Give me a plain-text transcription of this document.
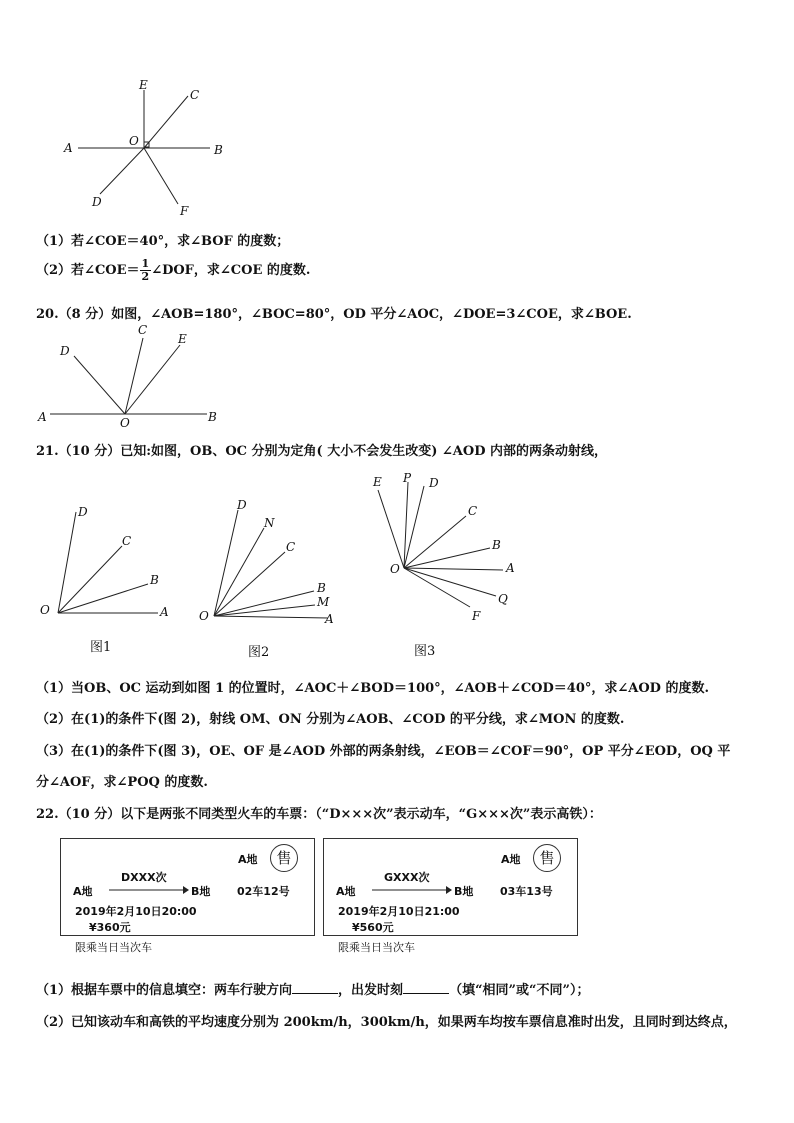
E
C
A	O
B
D
F
（1）若∠COE＝40°，求∠BOF 的度数；
（2）若∠COE＝ $\frac{1}{2}$ ∠DOF，求∠COE 的度数.
20.（8 分）如图，∠AOB=180°，∠BOC=80°，OD 平分∠AOC，∠DOE=3∠COE，求∠BOE.
D
C
E
A	O	B
21.（10 分）已知:如图，OB、OC 分别为定角( 大小不会发生改变) ∠AOD 内部的两条动射线，
D
C
B
O	A
图1
D
N
C
B
M
O	A
图2
E P D
C
B
O	A
Q
F
图3
（1）当OB、OC 运动到如图 1 的位置时，∠AOC＋∠BOD＝100°，∠AOB＋∠COD＝40°，求∠AOD 的度数.
（2）在(1)的条件下(图 2)，射线 OM、ON 分别为∠AOB、∠COD 的平分线，求∠MON 的度数.
（3）在(1)的条件下(图 3)，OE、OF 是∠AOD 外部的两条射线，∠EOB＝∠COF＝90°，OP 平分∠EOD，OQ 平
分∠AOF，求∠POQ 的度数.
22.（10 分）以下是两张不同类型火车的车票：（“D×××次”表示动车，“G×××次”表示高铁）：
A地	售
DXXX次
A地	B地 02车12号
2019年2月10日20:00
¥360元
限乘当日当次车
A地	售
GXXX次
A地	B地 03车13号
2019年2月10日21:00
¥560元
限乘当日当次车
（1）根据车票中的信息填空：两车行驶方向	，出发时刻	（填“相同”或“不同”）；
（2）已知该动车和高铁的平均速度分别为 200km/h，300km/h，如果两车均按车票信息准时出发，且同时到达终点，
